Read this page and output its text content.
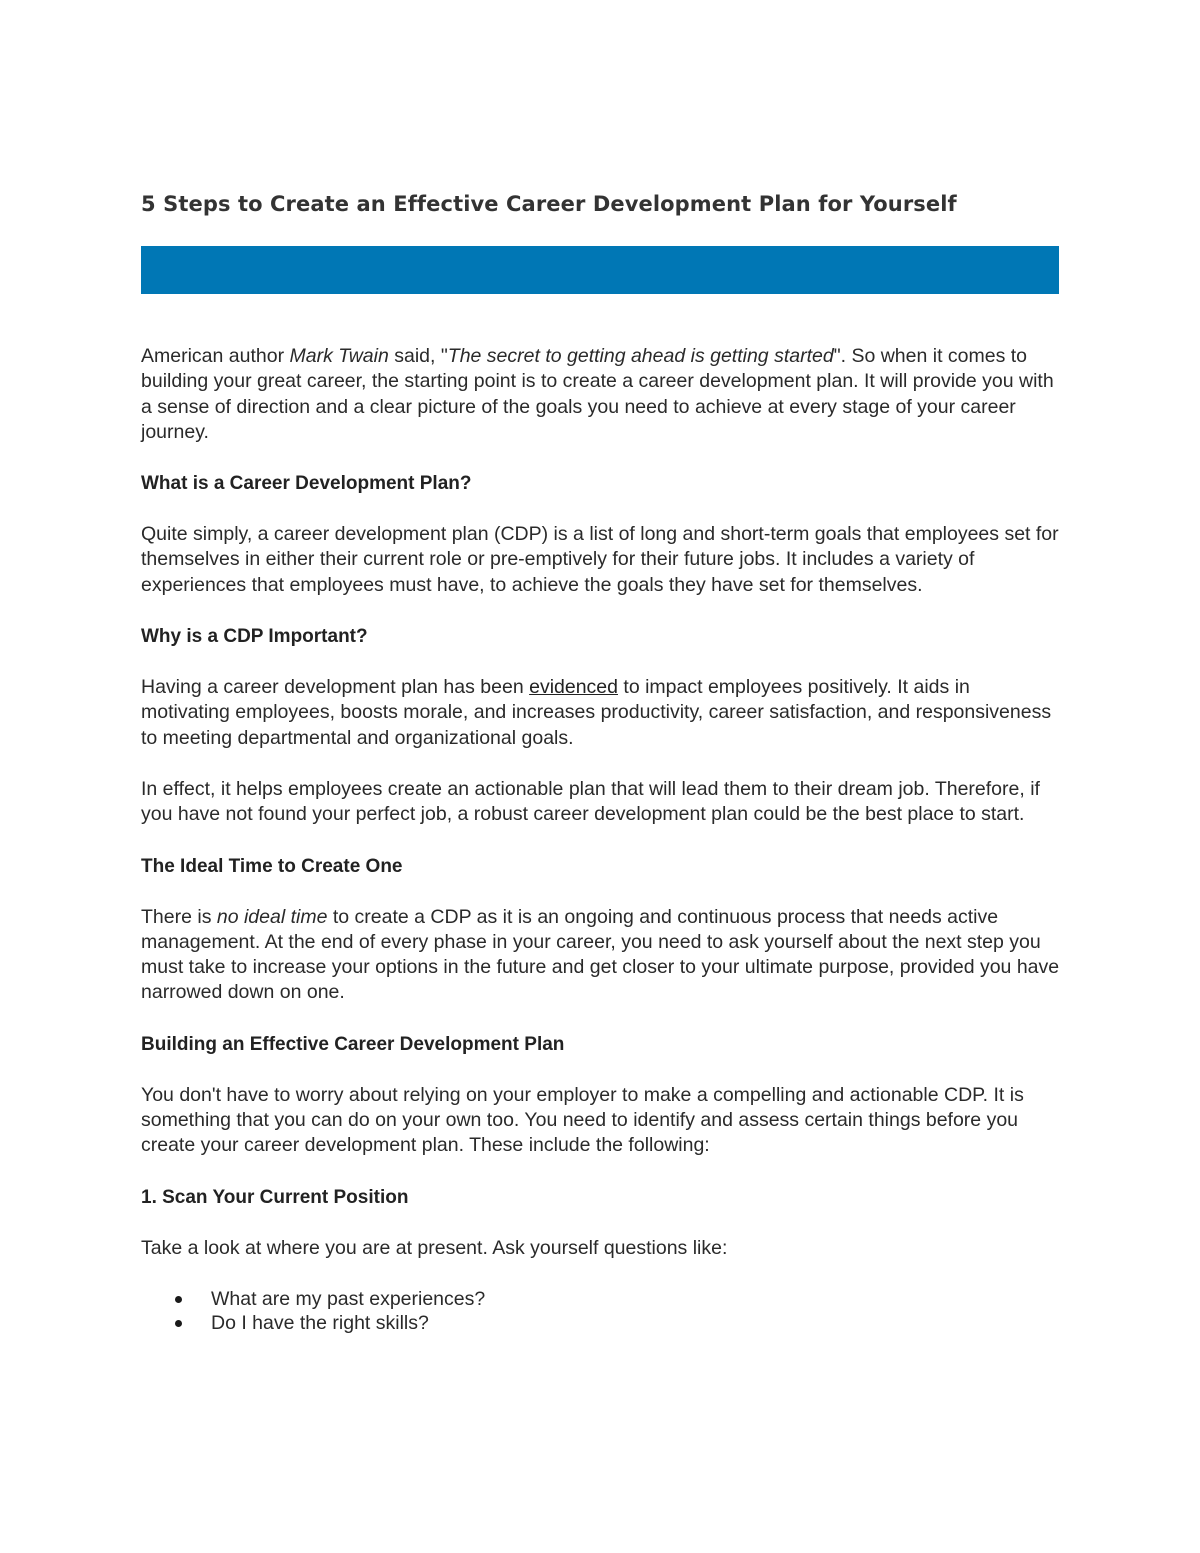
5 Steps to Create an Effective Career Development Plan for Yourself

American author Mark Twain said, "The secret to getting ahead is getting started". So when it comes to building your great career, the starting point is to create a career development plan. It will provide you with a sense of direction and a clear picture of the goals you need to achieve at every stage of your career journey.

What is a Career Development Plan?

Quite simply, a career development plan (CDP) is a list of long and short-term goals that employees set for themselves in either their current role or pre-emptively for their future jobs. It includes a variety of experiences that employees must have, to achieve the goals they have set for themselves.

Why is a CDP Important?

Having a career development plan has been evidenced to impact employees positively. It aids in motivating employees, boosts morale, and increases productivity, career satisfaction, and responsiveness to meeting departmental and organizational goals.

In effect, it helps employees create an actionable plan that will lead them to their dream job. Therefore, if you have not found your perfect job, a robust career development plan could be the best place to start.

The Ideal Time to Create One

There is no ideal time to create a CDP as it is an ongoing and continuous process that needs active management. At the end of every phase in your career, you need to ask yourself about the next step you must take to increase your options in the future and get closer to your ultimate purpose, provided you have narrowed down on one.

Building an Effective Career Development Plan

You don't have to worry about relying on your employer to make a compelling and actionable CDP. It is something that you can do on your own too. You need to identify and assess certain things before you create your career development plan. These include the following:

1. Scan Your Current Position

Take a look at where you are at present. Ask yourself questions like:

What are my past experiences?
Do I have the right skills?
